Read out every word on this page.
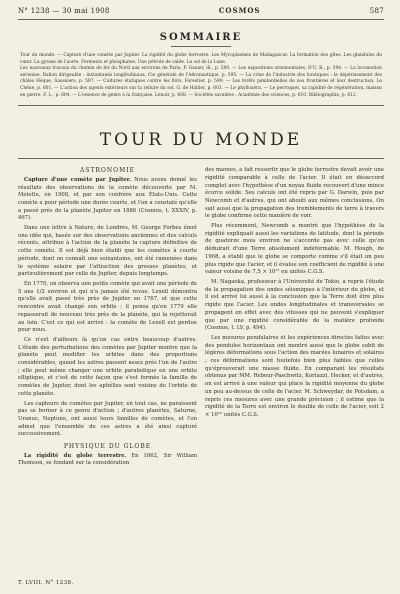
N° 1238 — 30 mai 1908	COSMOS	587
SOMMAIRE

Tour du monde. — Capture d'une comète par Jupiter. La rigidité du globe terrestre. Les Mycoplasmes de Madagascar. La formation des gîtes. Les glandules du cœur. La gyrase de l'aorte. Ferments et phosphates. Une pétrole de sable. Le sol de la Lune.

Les nouveaux travaux du chemin de fer du Nord aux environs de Paris, P. Ganier, ill., p. 590. — Les expositions ornementales, D'U. B., p. 594. — La locomotion aérienne. Ballon dirigeable : instantanés longitudinaux, Cie générale de l'Aéronautique, p. 595. — La crise de l'industrie des boutiques : le dépérissement des châles Hèque, Saussiers, p. 597. — Cultures étatiques contre les flots, Forestier, p. 599. — Les forêts pénitentielles de nos frontières et leur destruction, Le Chêne, p. 601. — L'action des agents extérieurs sur la reliure du sol, G. de Hallier, p. 603. — Le phylloxéra. — Le perroquet, sa rapidité de régénération, maison en pierre, F. L., p. 604. — L'essence de genre à la française, Lenoir, p. 608. — Sociétés savantes : Académie des sciences, p. 610. Bibliographie, p. 612.

TOUR DU MONDE

ASTRONOMIE

Capture d'une comète par Jupiter. Nous avons donné les résultats des observations de la comète découverte par M. Melotte, en 1908, et par son confrère aux États-Unis. Cette comète a pour période une durée courte, et l'on a constaté qu'elle a passé près de la planète Jupiter en 1886 (Cosmos, t. XXXIV, p. 467).

Dans une lettre à Nature, de Londres, M. George Forbes émet une idée qui, basée sur des observations anciennes et des calculs récents, attribue à l'action de la planète la capture définitive de cette comète. Il est déjà bien établi que les comètes à courte période, dont on connaît une soixantaine, ont été ramenées dans le système solaire par l'attraction des grosses planètes, et particulièrement par celle de Jupiter, depuis longtemps.

En 1770, on observa une petite comète qui avait une période de 5 ans 1/2 environ et qui n'a jamais été revue. Lexell démontra qu'elle avait passé très près de Jupiter en 1767, et que cette rencontre avait changé son orbite ; il pensa qu'en 1779 elle repasserait de nouveau très près de la planète, qui la rejetterait au loin. C'est ce qui est arrivé : la comète de Lexell est perdue pour nous.

Ce n'est d'ailleurs là qu'un cas entre beaucoup d'autres. L'étude des perturbations des comètes par Jupiter montre que la planète peut modifier les orbites dans des proportions considérables, quand les astres passent assez près l'un de l'autre ; elle peut même changer une orbite parabolique en une orbite elliptique, et c'est de cette façon que s'est formée la famille de comètes de Jupiter, dont les aphélies sont voisins de l'orbite de cette planète.

Les capteurs de comètes par Jupiter, en tout cas, ne paraissent pas se borner à ce genre d'action ; d'autres planètes, Saturne, Uranus, Neptune, ont aussi leurs familles de comètes, et l'on admet que l'ensemble de ces astres a été ainsi capturé successivement.

PHYSIQUE DU GLOBE

La rigidité du globe terrestre. En 1862, Sir William Thomson, se fondant sur la considération

des marées, a fait ressortir que le globe terrestre devait avoir une rigidité comparable à celle de l'acier. Il était en désaccord complet avec l'hypothèse d'un noyau fluide recouvert d'une mince écorce solide. Ses calculs ont été repris par G. Darwin, puis par Newcomb et d'autres, qui ont abouti aux mêmes conclusions. On sait aussi que la propagation des tremblements de terre à travers le globe confirme cette manière de voir.

Plus récemment, Newcomb a montré que l'hypothèse de la rigidité expliquait aussi les variations de latitude, dont la période de quatorze mois environ ne s'accorde pas avec celle qu'on déduirait d'une Terre absolument indéformable. M. Hough, de 1908, a établi que le globe se comporte comme s'il était un peu plus rigide que l'acier, et il évalue son coefficient de rigidité à une valeur voisine de 7,5 × 10¹¹ en unités C.G.S.

M. Nagaoka, professeur à l'Université de Tokio, a repris l'étude de la propagation des ondes séismiques à l'intérieur du globe, et il est arrivé lui aussi à la conclusion que la Terre doit être plus rigide que l'acier. Les ondes longitudinales et transversales se propagent en effet avec des vitesses qui ne peuvent s'expliquer que par une rigidité considérable de la matière profonde (Cosmos, t. LV, p. 494).

Les mesures pendulaires et les expériences directes faites avec des pendules horizontaux ont montré aussi que le globe subit de légères déformations sous l'action des marées lunaires et solaires ; ces déformations sont toutefois bien plus faibles que celles qu'éprouverait une masse fluide. En comparant les résultats obtenus par MM. Rebeur-Paschwitz, Kortazzi, Hecker, et d'autres, on est arrivé à une valeur qui place la rigidité moyenne du globe un peu au-dessus de celle de l'acier. M. Schweydar, de Potsdam, a repris ces mesures avec une grande précision ; il estime que la rigidité de la Terre est environ le double de celle de l'acier, soit 2 × 10¹² unités C.G.S.

T. LVIII. N° 1238.
